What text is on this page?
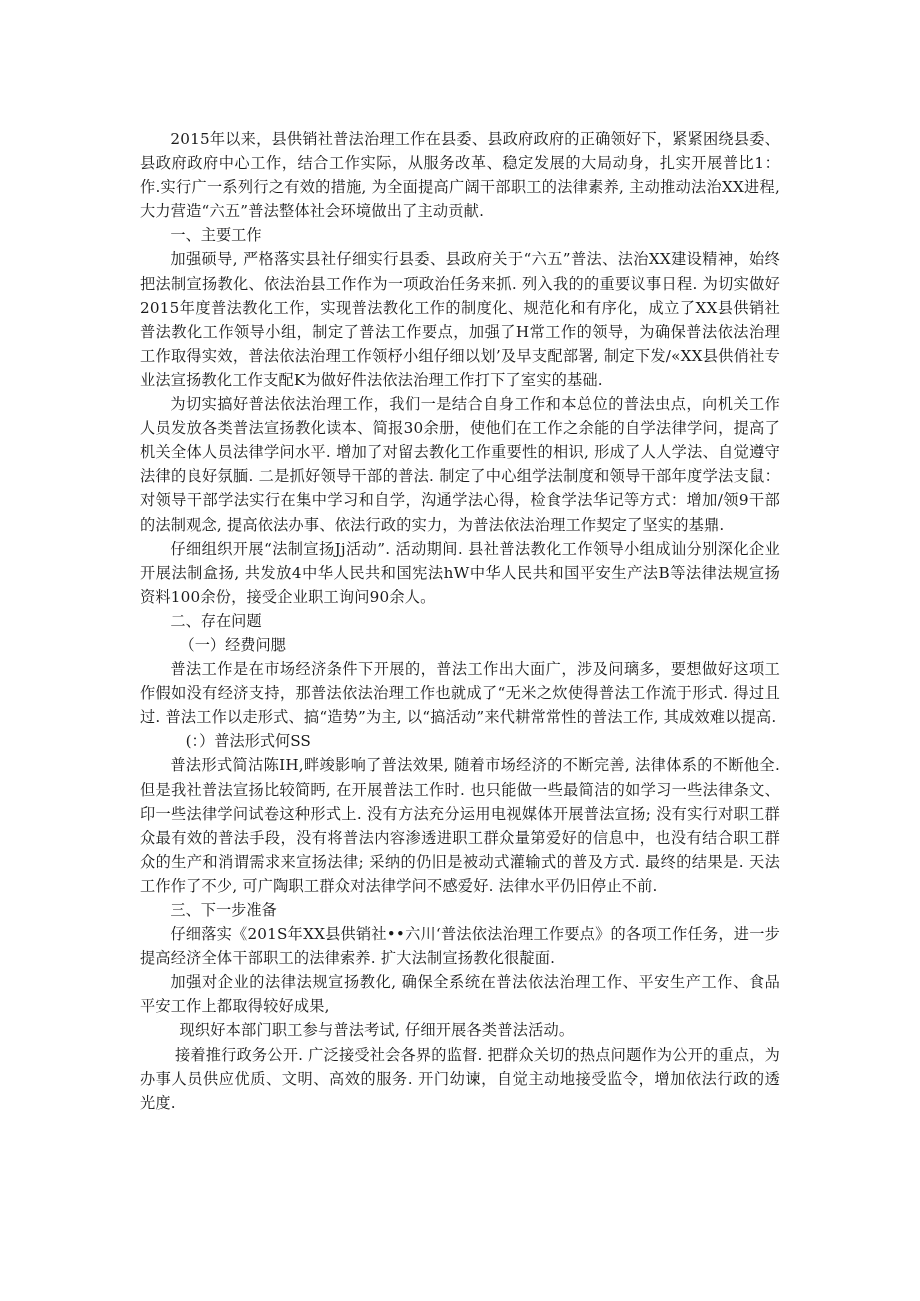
2015年以来，县供销社普法治理工作在县委、县政府政府的正确领好下，紧紧困绕县委、县政府政府中心工作，结合工作实际，从服务改革、稳定发展的大局动身，扎实开展普比1：作.实行广一系列行之有效的措施, 为全面提高广阔干部职工的法律素养, 主动推动法治XX进程, 大力营造“六五”普法整体社会环境做出了主动贡献.

一、主要工作

加强硕导, 严格落实县社仔细实行县委、县政府关于“六五”普法、法治XX建设精神，始终把法制宣扬教化、依法治县工作作为一项政治任务来抓. 列入我的的重要议事日程. 为切实做好2015年度普法教化工作，实现普法教化工作的制度化、规范化和有序化，成立了XX县供销社普法教化工作领导小组，制定了普法工作要点，加强了H常工作的领导，为确保普法依法治理工作取得实效，普法依法治理工作领杼小组仔细以划’及早支配部署, 制定下发/«XX县供俏社专业法宣扬教化工作支配K为做好件法依法治理工作打下了室实的基础.

为切实搞好普法依法治理工作，我们一是结合自身工作和本总位的普法虫点，向机关工作人员发放各类普法宣扬教化读本、简报30余册，使他们在工作之余能的自学法律学问，提高了机关全体人员法律学问水平. 增加了对留去教化工作重要性的相识, 形成了人人学法、自觉遵守法律的良好氛腼. 二是抓好领导干部的普法. 制定了中心组学法制度和领导干部年度学法支鼠：对领导干部学法实行在集中学习和自学，沟通学法心得，检食学法华记等方式：增加/领9干部的法制观念, 提高依法办事、依法行政的实力，为普法依法治理工作契定了坚实的基鼎.

仔细组织开展“法制宣扬Jj活动”. 活动期间. 县社普法教化工作领导小组成讪分别深化企业开展法制盒扬, 共发放4中华人民共和国宪法hW中华人民共和国平安生产法B等法律法规宣扬资料100余份，接受企业职工询问90余人。

二、存在问题

（一）经费问腮

普法工作是在市场经济条件下开展的，普法工作出大面广，涉及问璃多，要想做好这项工作假如没有经济支持，那普法依法治理工作也就成了“无米之炊使得普法工作流于形式. 得过且过. 普法工作以走形式、搞“造势”为主, 以“搞活动”来代耕常常性的普法工作, 其成效难以提高.

(：）普法形式何SS

普法形式简沽陈IH,畔竣影响了普法效果, 随着市场经济的不断完善, 法律体系的不断他全. 但是我社普法宣扬比较简眄, 在开展普法工作时. 也只能做一些最简洁的如学习一些法律条文、印一些法律学问试卷这种形式上. 没有方法充分运用电视媒体开展普法宣扬; 没有实行对职工群众最有效的普法手段，没有将普法内容渗透进职工群众量第爱好的信息中，也没有结合职工群众的生产和消谓需求来宣扬法律; 采纳的仍旧是被动式灌输式的普及方式. 最终的结果是. 天法工作作了不少, 可广陶职工群众对法律学问不感爱好. 法律水平仍旧停止不前.

三、下一步准备

仔细落实《201S年XX县供销社••六川‘普法依法治理工作要点》的各项工作任务，进一步提高经济全体干部职工的法律索养. 扩大法制宣扬教化很靛面.

加强对企业的法律法规宣扬教化, 确保全系统在普法依法治理工作、平安生产工作、食品平安工作上都取得较好成果,

现织好本部门职工参与普法考试, 仔细开展各类普法活动。

接着推行政务公开. 广泛接受社会各界的监督. 把群众关切的热点问题作为公开的重点，为办事人员供应优质、文明、高效的服务. 开门幼谏，自觉主动地接受监令，增加依法行政的透光度.
